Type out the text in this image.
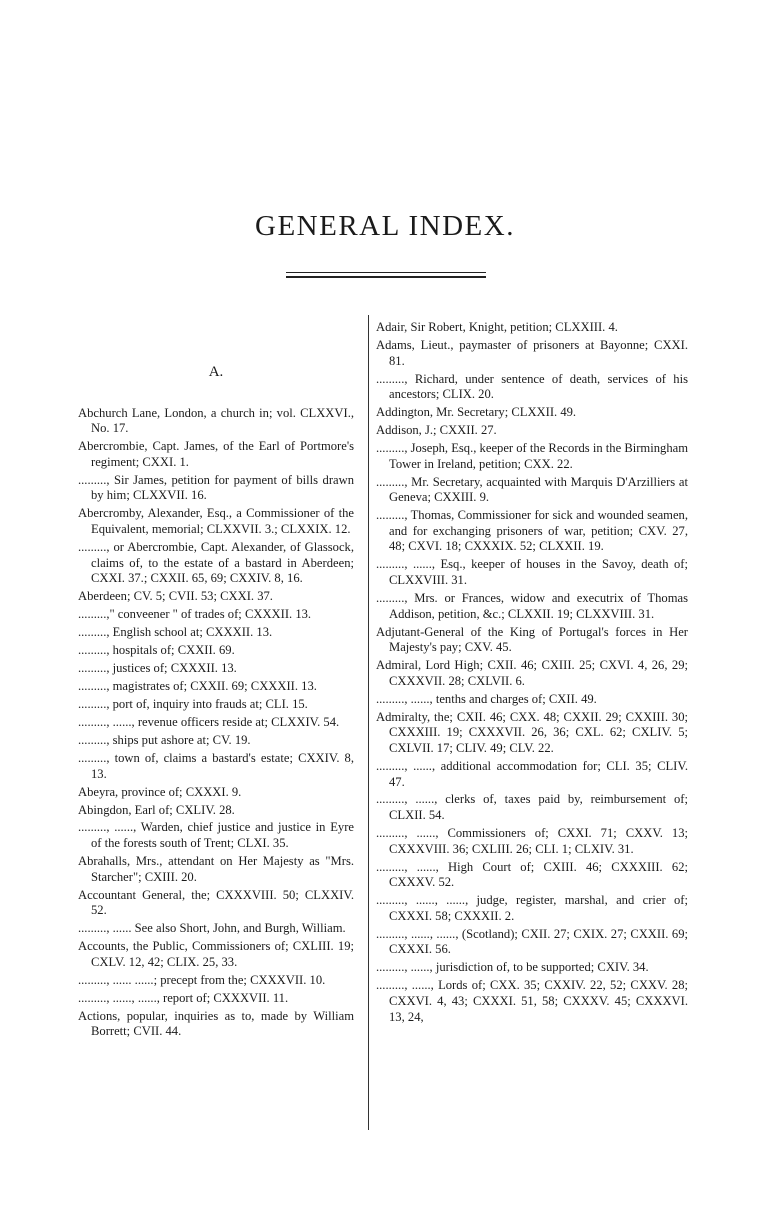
GENERAL INDEX.
A.
Abchurch Lane, London, a church in; vol. CLXXVI., No. 17.
Abercrombie, Capt. James, of the Earl of Portmore's regiment; CXXI. 1.
........., Sir James, petition for payment of bills drawn by him; CLXXVII. 16.
Abercromby, Alexander, Esq., a Commissioner of the Equivalent, memorial; CLXXVII. 3.; CLXXIX. 12.
........., or Abercrombie, Capt. Alexander, of Glassock, claims of, to the estate of a bastard in Aberdeen; CXXI. 37.; CXXII. 65, 69; CXXIV. 8, 16.
Aberdeen; CV. 5; CVII. 53; CXXI. 37.
.........," conveener " of trades of; CXXXII. 13.
........., English school at; CXXXII. 13.
........., hospitals of; CXXII. 69.
........., justices of; CXXXII. 13.
........., magistrates of; CXXII. 69; CXXXII. 13.
........., port of, inquiry into frauds at; CLI. 15.
........., ......, revenue officers reside at; CLXXIV. 54.
........., ships put ashore at; CV. 19.
........., town of, claims a bastard's estate; CXXIV. 8, 13.
Abeyra, province of; CXXXI. 9.
Abingdon, Earl of; CXLIV. 28.
........., ......, Warden, chief justice and justice in Eyre of the forests south of Trent; CLXI. 35.
Abrahalls, Mrs., attendant on Her Majesty as "Mrs. Starcher"; CXIII. 20.
Accountant General, the; CXXXVIII. 50; CLXXIV. 52.
........., ...... See also Short, John, and Burgh, William.
Accounts, the Public, Commissioners of; CXLIII. 19; CXLV. 12, 42; CLIX. 25, 33.
........., ...... ......; precept from the; CXXXVII. 10.
........., ......, ......, report of; CXXXVII. 11.
Actions, popular, inquiries as to, made by William Borrett; CVII. 44.
Adair, Sir Robert, Knight, petition; CLXXIII. 4.
Adams, Lieut., paymaster of prisoners at Bayonne; CXXI. 81.
........., Richard, under sentence of death, services of his ancestors; CLIX. 20.
Addington, Mr. Secretary; CLXXII. 49.
Addison, J.; CXXII. 27.
........., Joseph, Esq., keeper of the Records in the Birmingham Tower in Ireland, petition; CXX. 22.
........., Mr. Secretary, acquainted with Marquis D'Arzilliers at Geneva; CXXIII. 9.
........., Thomas, Commissioner for sick and wounded seamen, and for exchanging prisoners of war, petition; CXV. 27, 48; CXVI. 18; CXXXIX. 52; CLXXII. 19.
........., ......, Esq., keeper of houses in the Savoy, death of; CLXXVIII. 31.
........., Mrs. or Frances, widow and executrix of Thomas Addison, petition, &c.; CLXXII. 19; CLXXVIII. 31.
Adjutant-General of the King of Portugal's forces in Her Majesty's pay; CXV. 45.
Admiral, Lord High; CXII. 46; CXIII. 25; CXVI. 4, 26, 29; CXXXVII. 28; CXLVII. 6.
........., ......, tenths and charges of; CXII. 49.
Admiralty, the; CXII. 46; CXX. 48; CXXII. 29; CXXIII. 30; CXXXIII. 19; CXXXVII. 26, 36; CXL. 62; CXLIV. 5; CXLVII. 17; CLIV. 49; CLV. 22.
........., ......, additional accommodation for; CLI. 35; CLIV. 47.
........., ......, clerks of, taxes paid by, reimbursement of; CLXII. 54.
........., ......, Commissioners of; CXXI. 71; CXXV. 13; CXXXVIII. 36; CXLIII. 26; CLI. 1; CLXIV. 31.
........., ......, High Court of; CXIII. 46; CXXXIII. 62; CXXXV. 52.
........., ......, ......, judge, register, marshal, and crier of; CXXXI. 58; CXXXII. 2.
........., ......, ......, (Scotland); CXII. 27; CXIX. 27; CXXII. 69; CXXXI. 56.
........., ......, jurisdiction of, to be supported; CXIV. 34.
........., ......, Lords of; CXX. 35; CXXIV. 22, 52; CXXV. 28; CXXVI. 4, 43; CXXXI. 51, 58; CXXXV. 45; CXXXVI. 13, 24,
